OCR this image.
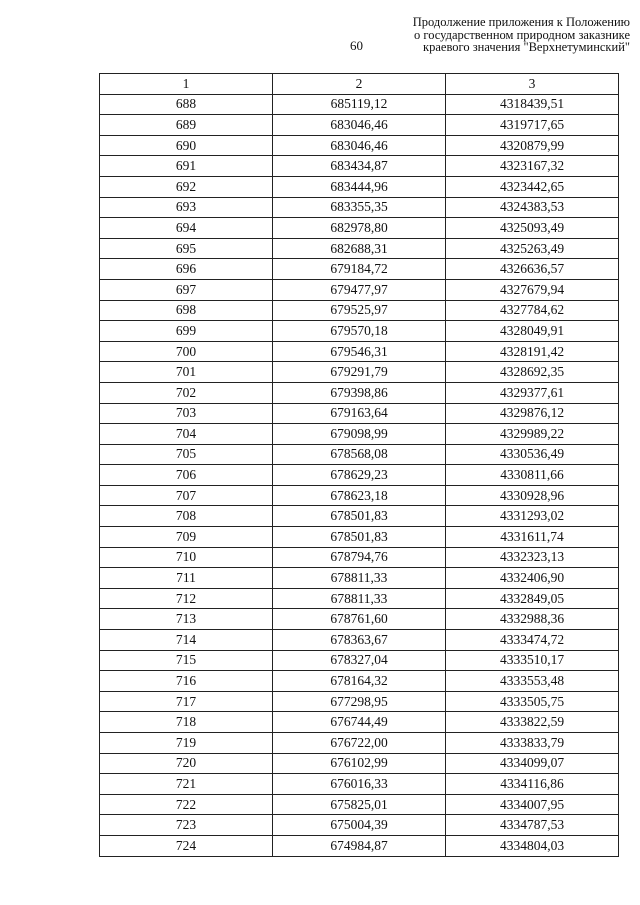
60
Продолжение приложения к Положению
о государственном природном заказнике
краевого значения "Верхнетуминский"
1	2	3
688	685119,12	4318439,51
689	683046,46	4319717,65
690	683046,46	4320879,99
691	683434,87	4323167,32
692	683444,96	4323442,65
693	683355,35	4324383,53
694	682978,80	4325093,49
695	682688,31	4325263,49
696	679184,72	4326636,57
697	679477,97	4327679,94
698	679525,97	4327784,62
699	679570,18	4328049,91
700	679546,31	4328191,42
701	679291,79	4328692,35
702	679398,86	4329377,61
703	679163,64	4329876,12
704	679098,99	4329989,22
705	678568,08	4330536,49
706	678629,23	4330811,66
707	678623,18	4330928,96
708	678501,83	4331293,02
709	678501,83	4331611,74
710	678794,76	4332323,13
711	678811,33	4332406,90
712	678811,33	4332849,05
713	678761,60	4332988,36
714	678363,67	4333474,72
715	678327,04	4333510,17
716	678164,32	4333553,48
717	677298,95	4333505,75
718	676744,49	4333822,59
719	676722,00	4333833,79
720	676102,99	4334099,07
721	676016,33	4334116,86
722	675825,01	4334007,95
723	675004,39	4334787,53
724	674984,87	4334804,03
